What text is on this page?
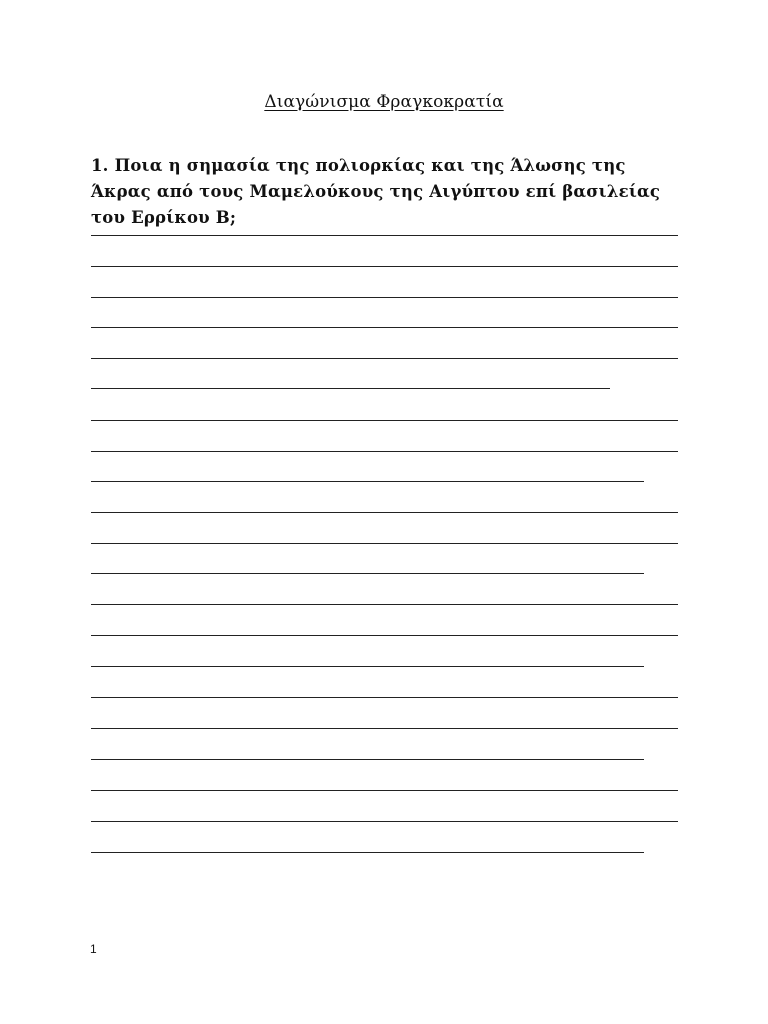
Διαγώνισμα Φραγκοκρατία
1. Ποια η σημασία της πολιορκίας και της Άλωσης της Άκρας από τους Μαμελούκους της Αιγύπτου επί βασιλείας του Ερρίκου Β;
1
